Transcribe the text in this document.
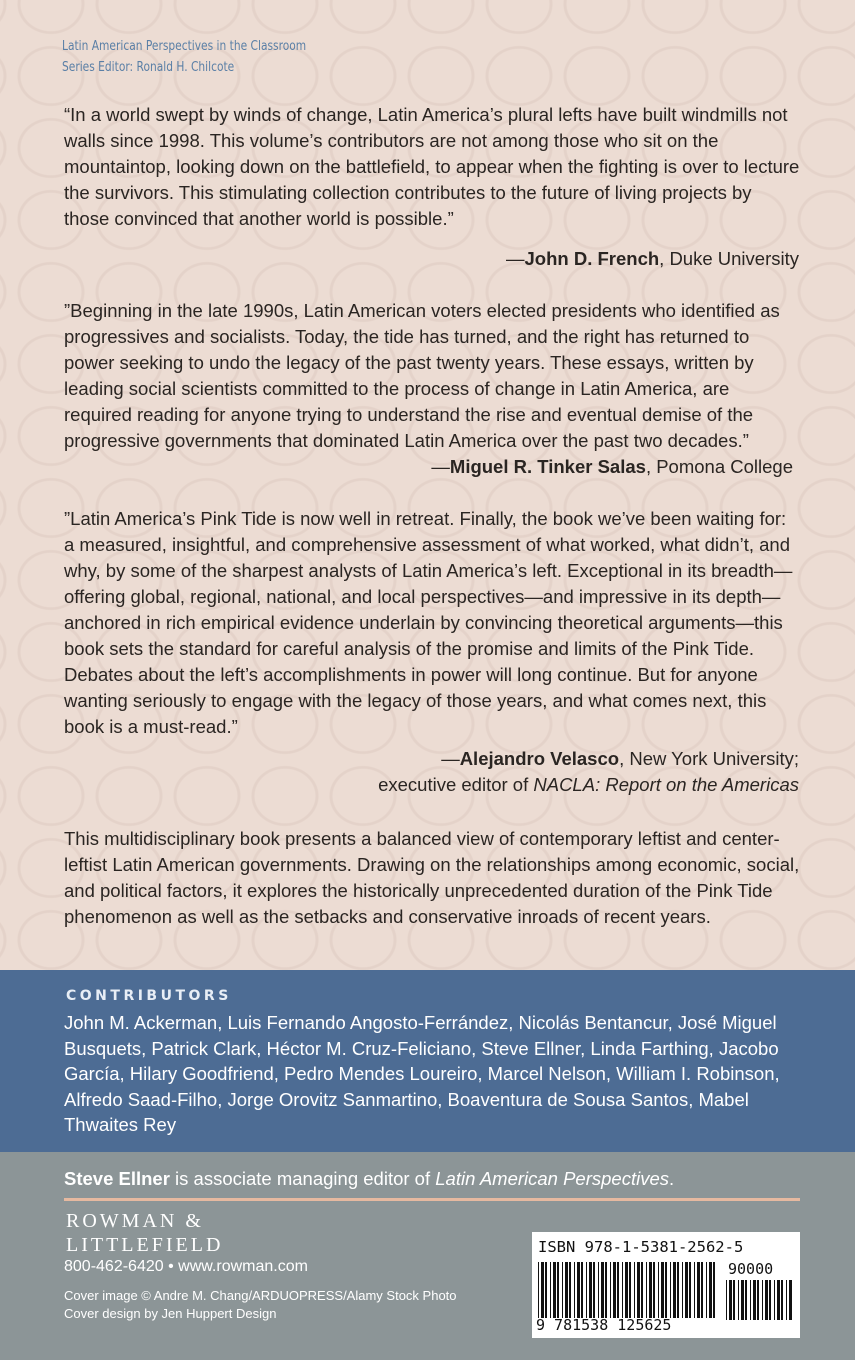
Latin American Perspectives in the Classroom
Series Editor: Ronald H. Chilcote
“In a world swept by winds of change, Latin America’s plural lefts have built windmills not walls since 1998. This volume’s contributors are not among those who sit on the mountaintop, looking down on the battlefield, to appear when the fighting is over to lecture the survivors. This stimulating collection contributes to the future of living projects by those convinced that another world is possible.”
—John D. French, Duke University
”Beginning in the late 1990s, Latin American voters elected presidents who identified as progressives and socialists. Today, the tide has turned, and the right has returned to power seeking to undo the legacy of the past twenty years. These essays, written by leading social scientists committed to the process of change in Latin America, are required reading for anyone trying to understand the rise and eventual demise of the progressive governments that dominated Latin America over the past two decades.”
—Miguel R. Tinker Salas, Pomona College
”Latin America’s Pink Tide is now well in retreat. Finally, the book we’ve been waiting for: a measured, insightful, and comprehensive assessment of what worked, what didn’t, and why, by some of the sharpest analysts of Latin America’s left. Exceptional in its breadth—offering global, regional, national, and local perspectives—and impressive in its depth—anchored in rich empirical evidence underlain by convincing theoretical arguments—this book sets the standard for careful analysis of the promise and limits of the Pink Tide. Debates about the left’s accomplishments in power will long continue. But for anyone wanting seriously to engage with the legacy of those years, and what comes next, this book is a must-read.”
—Alejandro Velasco, New York University;
executive editor of NACLA: Report on the Americas
This multidisciplinary book presents a balanced view of contemporary leftist and center-leftist Latin American governments. Drawing on the relationships among economic, social, and political factors, it explores the historically unprecedented duration of the Pink Tide phenomenon as well as the setbacks and conservative inroads of recent years.
CONTRIBUTORS
John M. Ackerman, Luis Fernando Angosto-Ferrández, Nicolás Bentancur, José Miguel Busquets, Patrick Clark, Héctor M. Cruz-Feliciano, Steve Ellner, Linda Farthing, Jacobo García, Hilary Goodfriend, Pedro Mendes Loureiro, Marcel Nelson, William I. Robinson, Alfredo Saad-Filho, Jorge Orovitz Sanmartino, Boaventura de Sousa Santos, Mabel Thwaites Rey
Steve Ellner is associate managing editor of Latin American Perspectives.
ROWMAN &
LITTLEFIELD
800-462-6420 • www.rowman.com
Cover image © Andre M. Chang/ARDUOPRESS/Alamy Stock Photo
Cover design by Jen Huppert Design
ISBN 978-1-5381-2562-5
90000
9 781538 125625
